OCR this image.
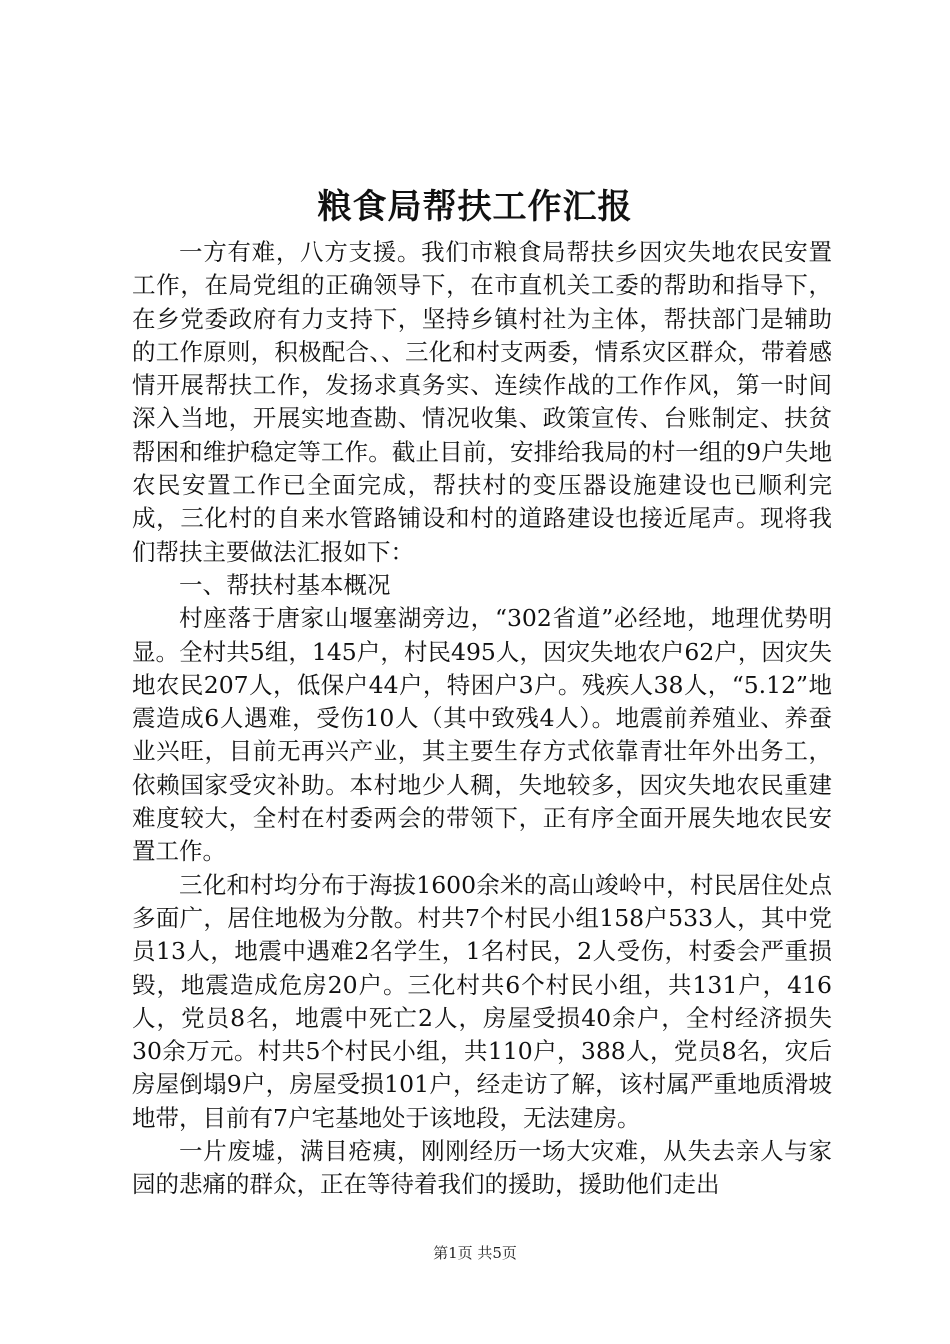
粮食局帮扶工作汇报

一方有难，八方支援。我们市粮食局帮扶乡因灾失地农民安置工作，在局党组的正确领导下，在市直机关工委的帮助和指导下，在乡党委政府有力支持下，坚持乡镇村社为主体，帮扶部门是辅助的工作原则，积极配合、、三化和村支两委，情系灾区群众，带着感情开展帮扶工作，发扬求真务实、连续作战的工作作风，第一时间深入当地，开展实地查勘、情况收集、政策宣传、台账制定、扶贫帮困和维护稳定等工作。截止目前，安排给我局的村一组的9户失地农民安置工作已全面完成，帮扶村的变压器设施建设也已顺利完成，三化村的自来水管路铺设和村的道路建设也接近尾声。现将我们帮扶主要做法汇报如下：

一、帮扶村基本概况

村座落于唐家山堰塞湖旁边，“302省道”必经地，地理优势明显。全村共5组，145户，村民495人，因灾失地农户62户，因灾失地农民207人，低保户44户，特困户3户。残疾人38人，“5.12”地震造成6人遇难，受伤10人（其中致残4人）。地震前养殖业、养蚕业兴旺，目前无再兴产业，其主要生存方式依靠青壮年外出务工，依赖国家受灾补助。本村地少人稠，失地较多，因灾失地农民重建难度较大，全村在村委两会的带领下，正有序全面开展失地农民安置工作。

三化和村均分布于海拔1600余米的高山竣岭中，村民居住处点多面广，居住地极为分散。村共7个村民小组158户533人，其中党员13人，地震中遇难2名学生，1名村民，2人受伤，村委会严重损毁，地震造成危房20户。三化村共6个村民小组，共131户，416人，党员8名，地震中死亡2人，房屋受损40余户，全村经济损失30余万元。村共5个村民小组，共110户，388人，党员8名，灾后房屋倒塌9户，房屋受损101户，经走访了解，该村属严重地质滑坡地带，目前有7户宅基地处于该地段，无法建房。

一片废墟，满目疮痍，刚刚经历一场大灾难，从失去亲人与家园的悲痛的群众，正在等待着我们的援助，援助他们走出

第1页 共5页
